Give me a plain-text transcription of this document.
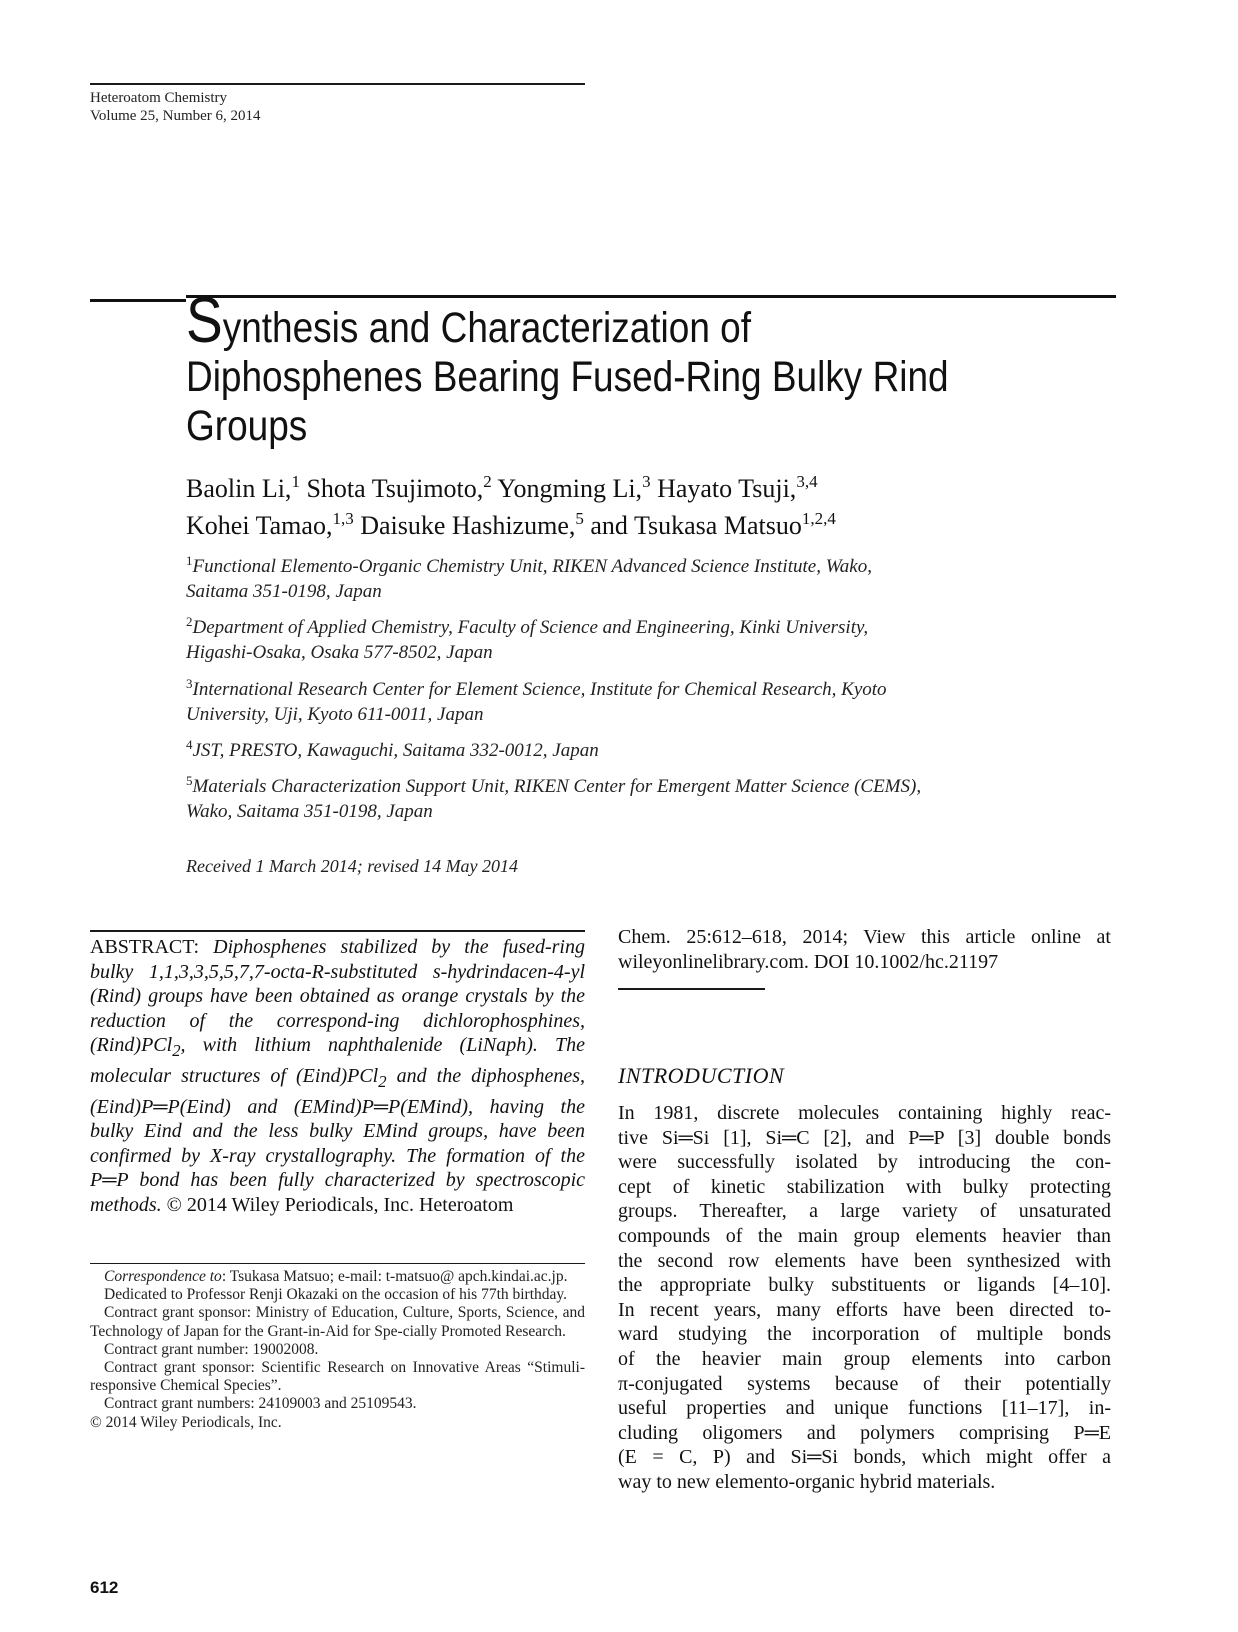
Heteroatom Chemistry
Volume 25, Number 6, 2014
Synthesis and Characterization of
Diphosphenes Bearing Fused-Ring Bulky Rind
Groups
Baolin Li,$^1$ Shota Tsujimoto,$^2$ Yongming Li,$^3$ Hayato Tsuji,$^{3,4}$
Kohei Tamao,$^{1,3}$ Daisuke Hashizume,$^5$ and Tsukasa Matsuo$^{1,2,4}$
$^1$Functional Elemento-Organic Chemistry Unit, RIKEN Advanced Science Institute, Wako,
Saitama 351-0198, Japan
$^2$Department of Applied Chemistry, Faculty of Science and Engineering, Kinki University,
Higashi-Osaka, Osaka 577-8502, Japan
$^3$International Research Center for Element Science, Institute for Chemical Research, Kyoto
University, Uji, Kyoto 611-0011, Japan
$^4$JST, PRESTO, Kawaguchi, Saitama 332-0012, Japan
$^5$Materials Characterization Support Unit, RIKEN Center for Emergent Matter Science (CEMS),
Wako, Saitama 351-0198, Japan
Received 1 March 2014; revised 14 May 2014
ABSTRACT: Diphosphenes stabilized by the fused-ring bulky 1,1,3,3,5,5,7,7-octa-R-substituted s-hydrindacen-4-yl (Rind) groups have been obtained as orange crystals by the reduction of the correspond-ing dichlorophosphines, (Rind)PCl$_2$, with lithium naphthalenide (LiNaph). The molecular structures of (Eind)PCl$_2$ and the diphosphenes, (Eind)P═P(Eind) and (EMind)P═P(EMind), having the bulky Eind and the less bulky EMind groups, have been confirmed by X-ray crystallography. The formation of the P═P bond has been fully characterized by spectroscopic methods. © 2014 Wiley Periodicals, Inc. Heteroatom

Correspondence to: Tsukasa Matsuo; e-mail: t-matsuo@ apch.kindai.ac.jp.

Dedicated to Professor Renji Okazaki on the occasion of his 77th birthday.

Contract grant sponsor: Ministry of Education, Culture, Sports, Science, and Technology of Japan for the Grant-in-Aid for Spe-cially Promoted Research.

Contract grant number: 19002008.

Contract grant sponsor: Scientific Research on Innovative Areas “Stimuli-responsive Chemical Species”.

Contract grant numbers: 24109003 and 25109543.

© 2014 Wiley Periodicals, Inc.

Chem. 25:612–618, 2014; View this article online at wileyonlinelibrary.com. DOI 10.1002/hc.21197
INTRODUCTION
In 1981, discrete molecules containing highly reac-
tive Si═Si [1], Si═C [2], and P═P [3] double bonds
were successfully isolated by introducing the con-
cept of kinetic stabilization with bulky protecting
groups. Thereafter, a large variety of unsaturated
compounds of the main group elements heavier than
the second row elements have been synthesized with
the appropriate bulky substituents or ligands [4–10].
In recent years, many efforts have been directed to-
ward studying the incorporation of multiple bonds
of the heavier main group elements into carbon
π-conjugated systems because of their potentially
useful properties and unique functions [11–17], in-
cluding oligomers and polymers comprising P═E
(E = C, P) and Si═Si bonds, which might offer a
way to new elemento-organic hybrid materials.
612
